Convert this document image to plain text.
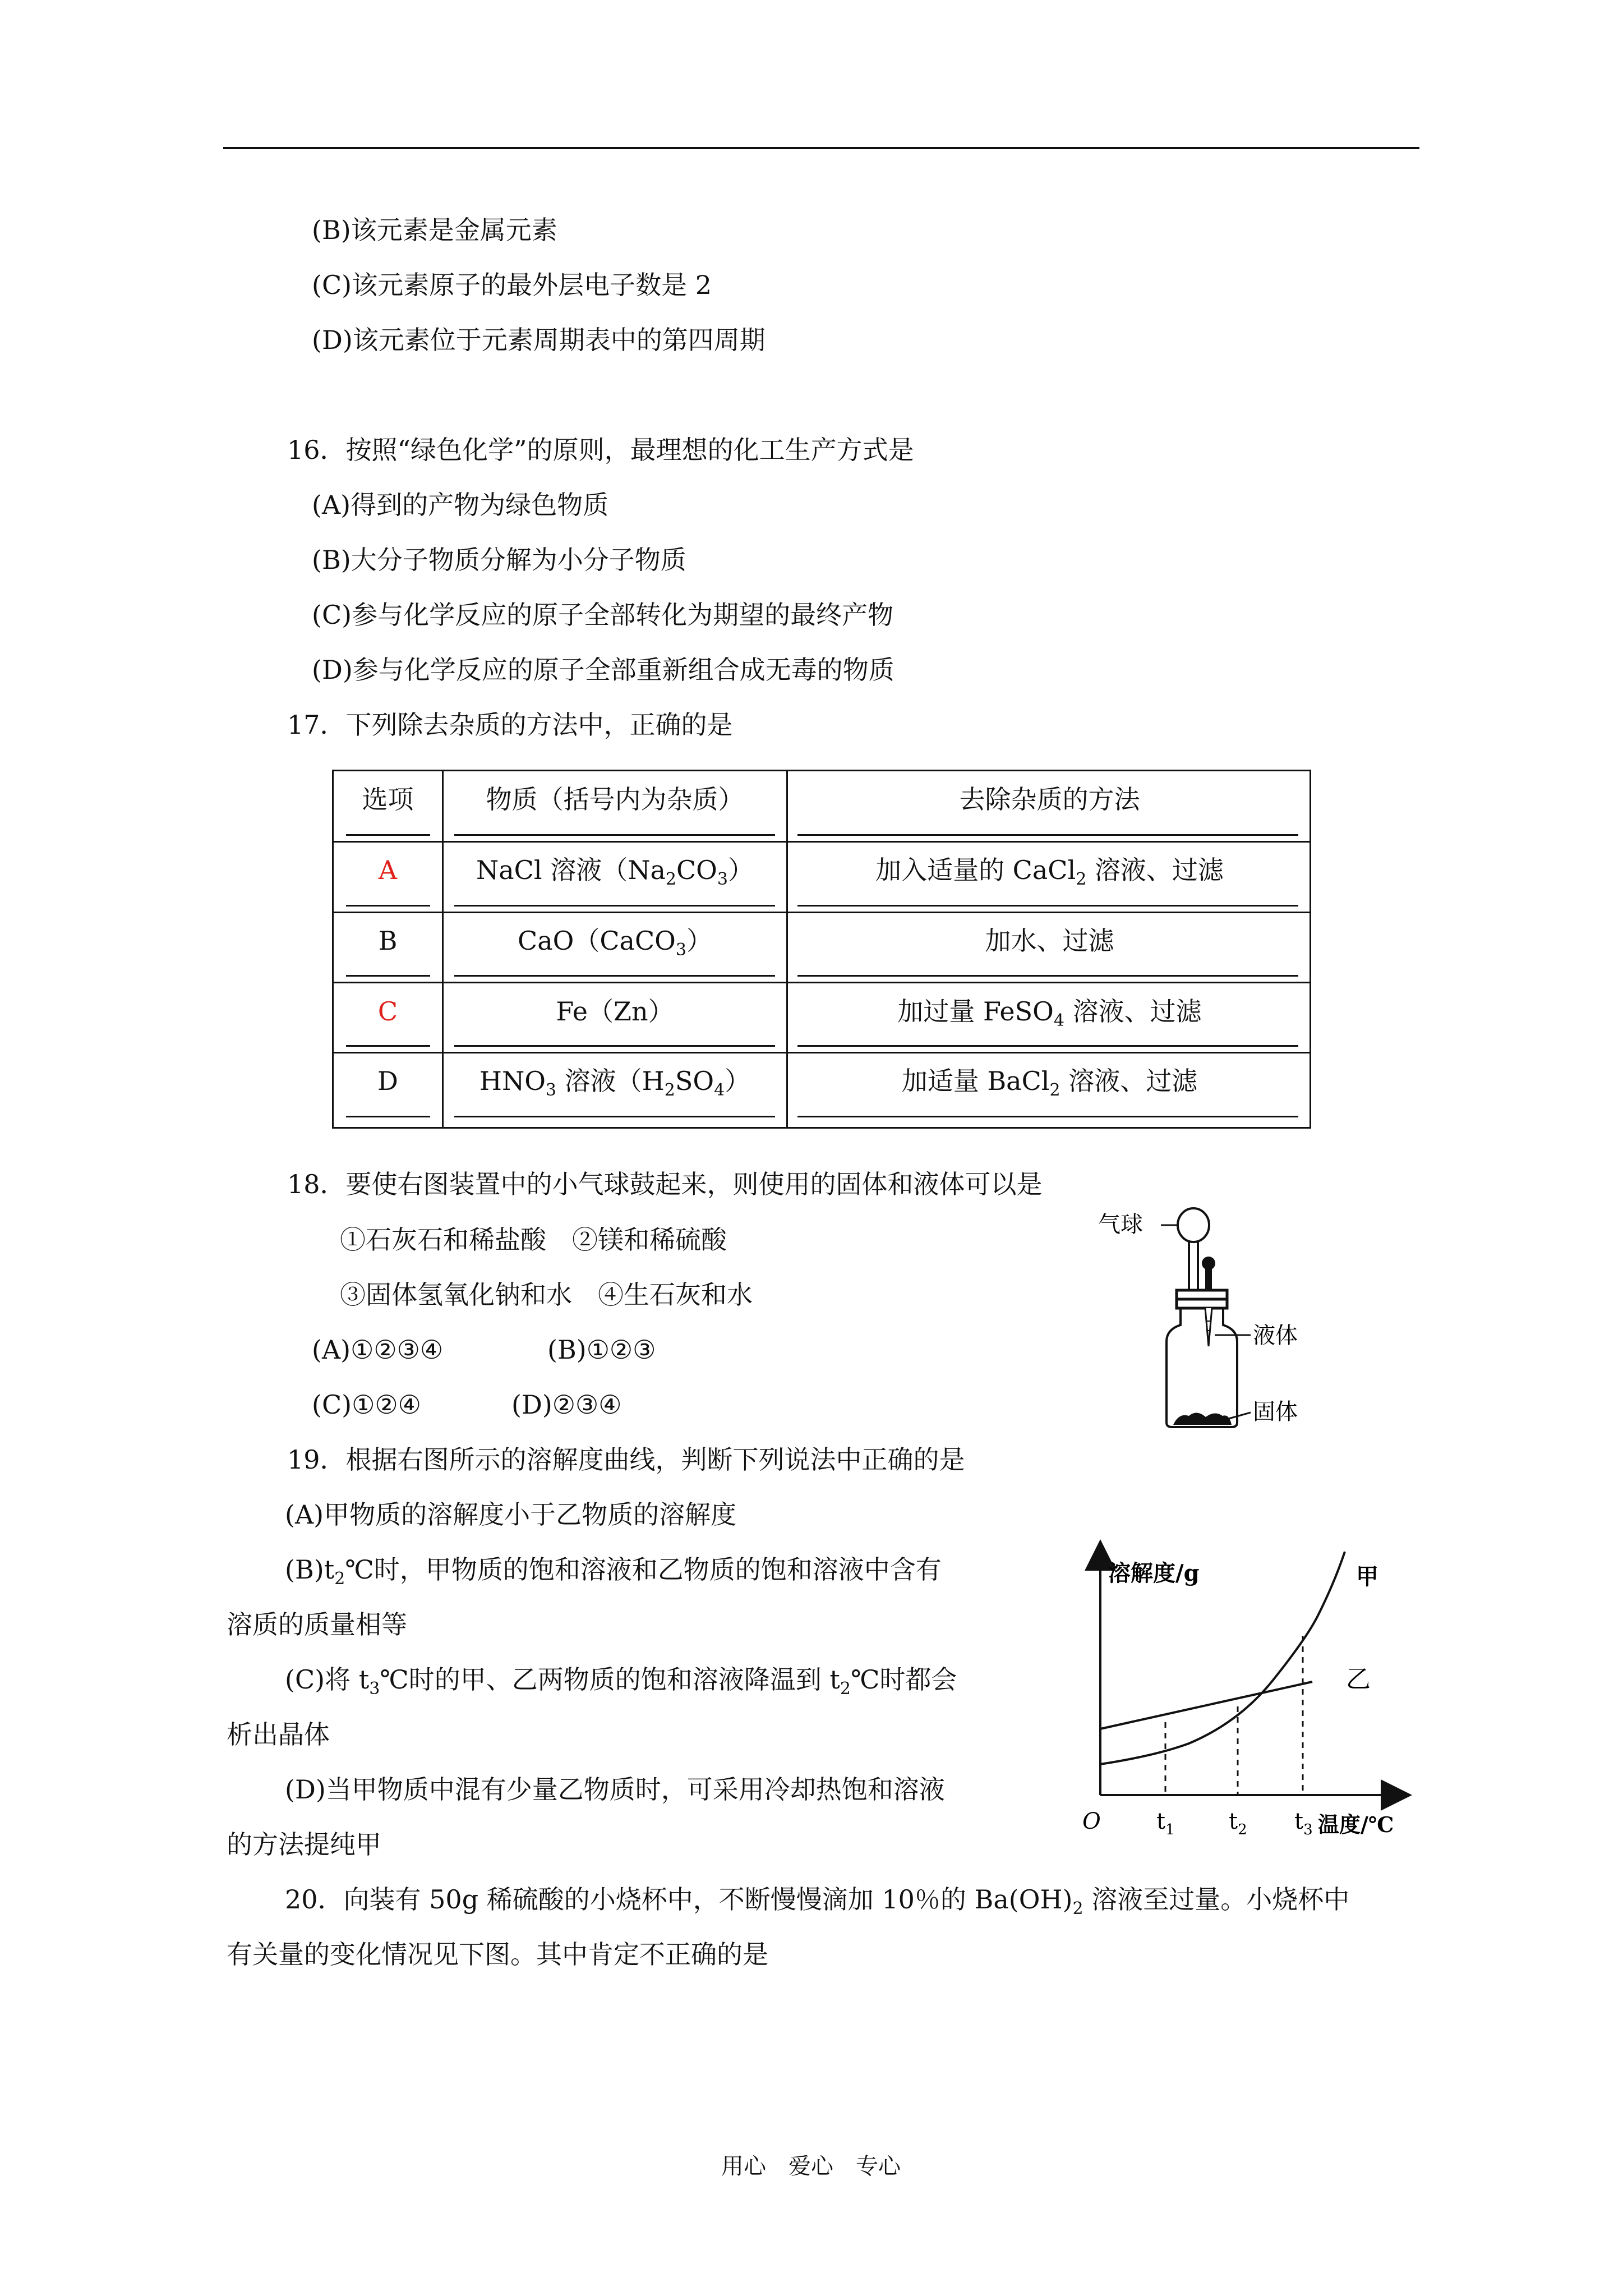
(B)该元素是金属元素
(C)该元素原子的最外层电子数是 2
(D)该元素位于元素周期表中的第四周期
16．按照“绿色化学”的原则，最理想的化工生产方式是
(A)得到的产物为绿色物质
(B)大分子物质分解为小分子物质
(C)参与化学反应的原子全部转化为期望的最终产物
(D)参与化学反应的原子全部重新组合成无毒的物质
17．下列除去杂质的方法中，正确的是
选项	物质（括号内为杂质）	去除杂质的方法
A	NaCl 溶液$(Na_2CO_3)$	加入适量的 CaCl$_2$ 溶液、过滤
B	CaO（CaCO$_3$）	加水、过滤
C	Fe（Zn）	加过量 FeSO$_4$ 溶液、过滤
D	$HNO_3$ 溶液$(H_2SO_4)$	加适量 BaCl$_2$ 溶液、过滤
18．要使右图装置中的小气球鼓起来，则使用的固体和液体可以是
①石灰石和稀盐酸　②镁和稀硫酸
③固体氢氧化钠和水　④生石灰和水
(A)①②③④	(B)①②③
(C)①②④	(D)②③④
气球
液体
固体
19．根据右图所示的溶解度曲线，判断下列说法中正确的是
(A)甲物质的溶解度小于乙物质的溶解度
$(B)t_2℃$时，甲物质的饱和溶液和乙物质的饱和溶液中含有
溶质的质量相等
(C)将 $t_3℃$时的甲、乙两物质的饱和溶液降温到 $t_2℃$时都会
析出晶体
(D)当甲物质中混有少量乙物质时，可采用冷却热饱和溶液
的方法提纯甲
溶解度/g
温度/℃
O $t_1$ $t_2$ $t_3$
甲
乙
20．向装有 50g 稀硫酸的小烧杯中，不断慢慢滴加 10％的 $Ba(OH)_2$ 溶液至过量。小烧杯中
有关量的变化情况见下图。其中肯定不正确的是
用心　爱心　专心
